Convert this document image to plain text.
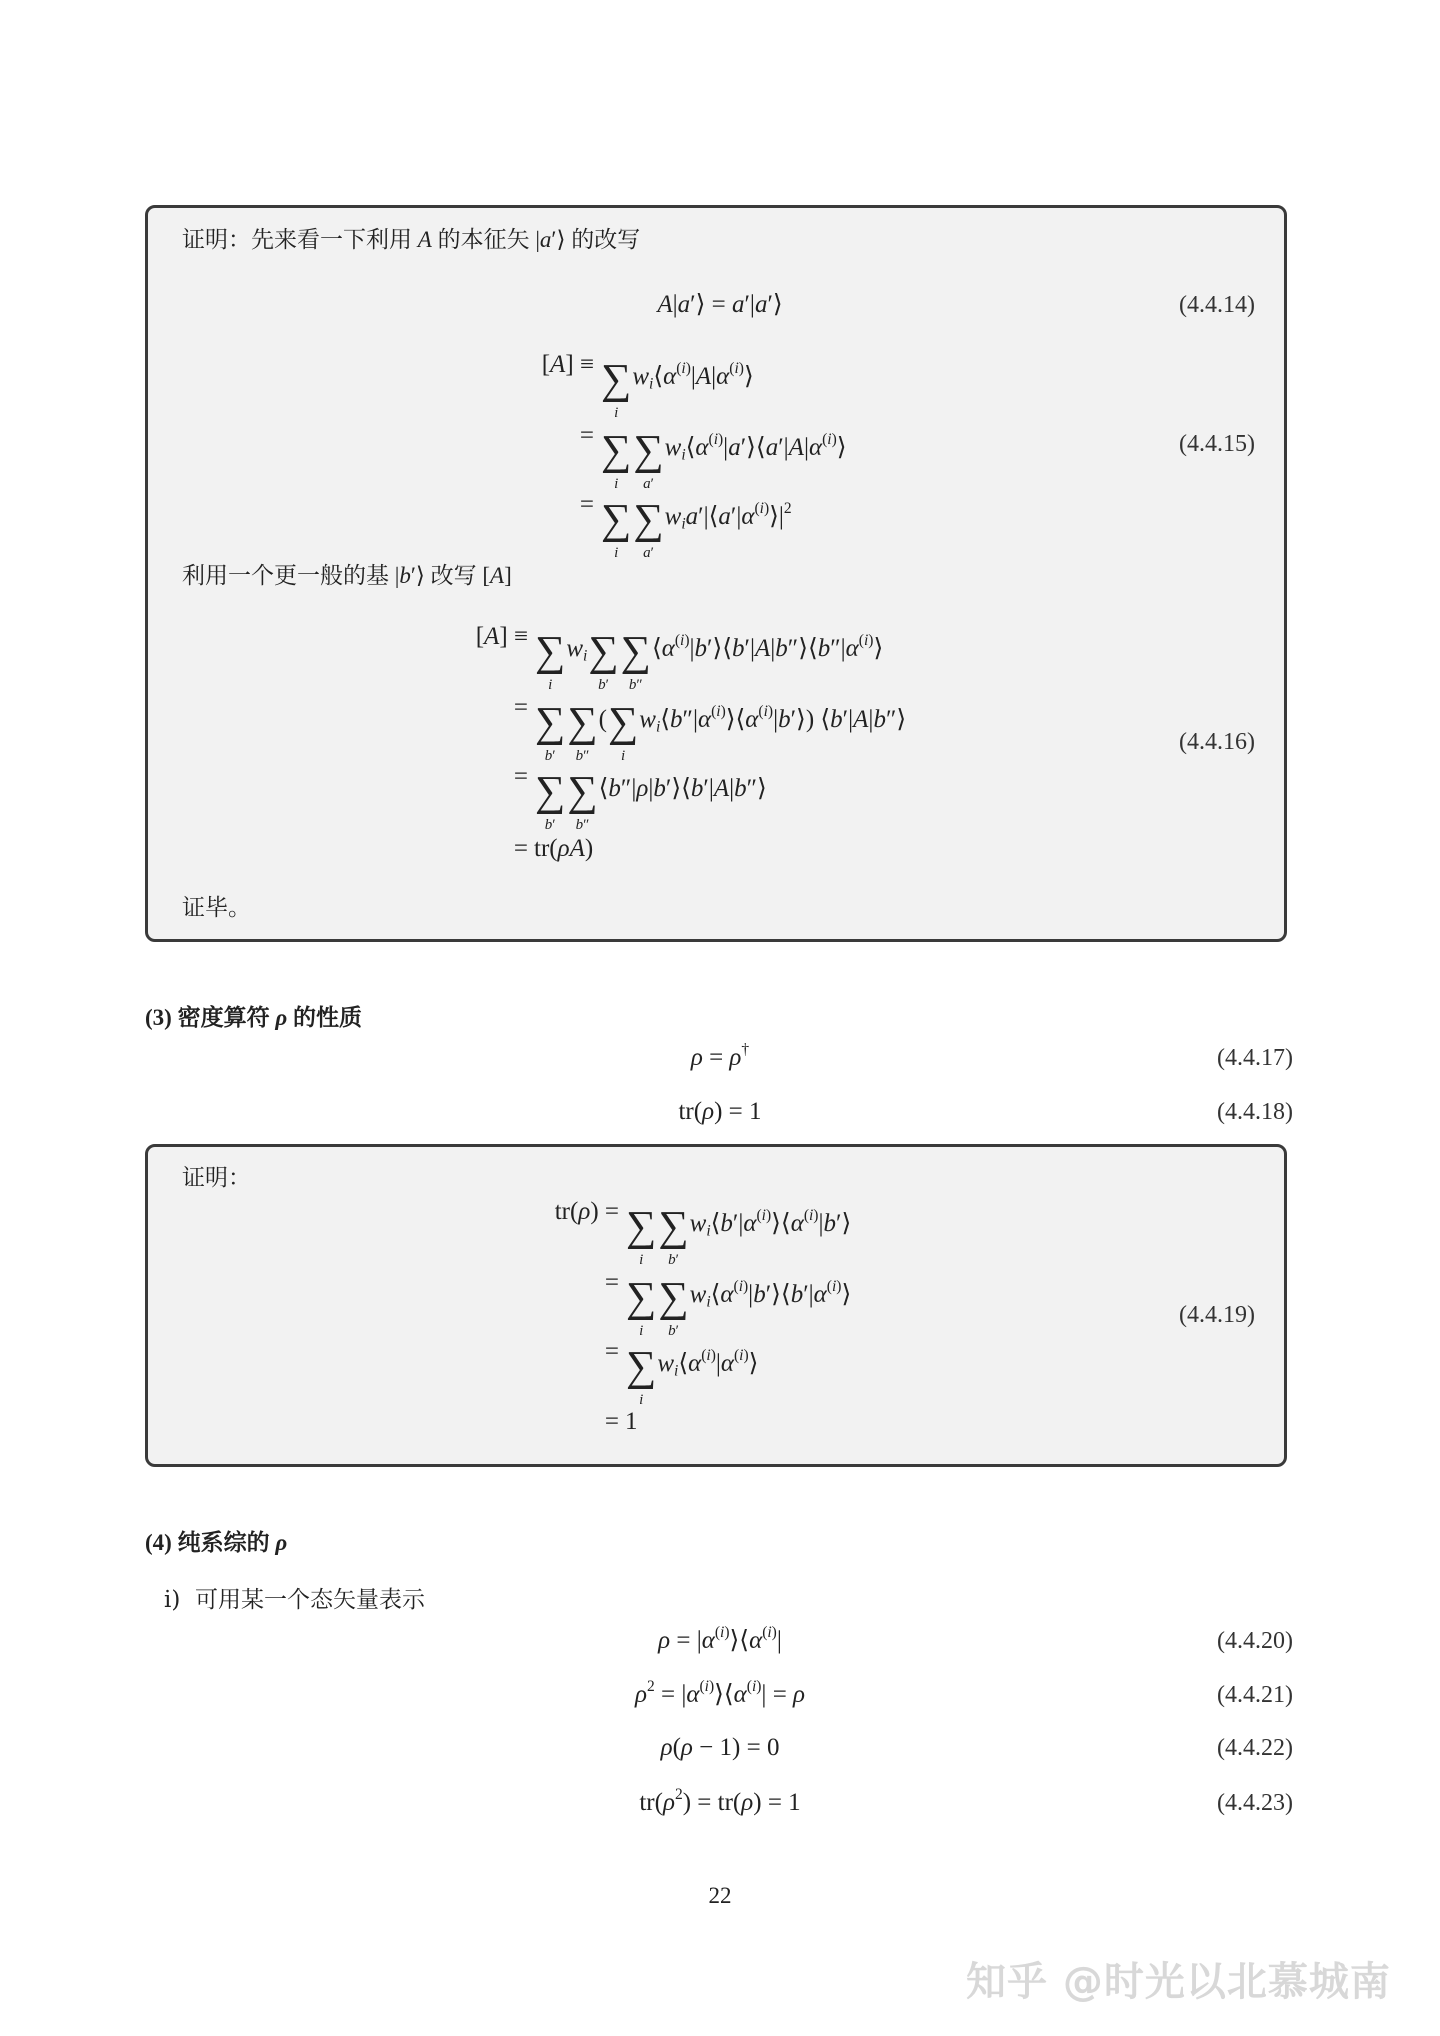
证明：先来看一下利用 A 的本征矢 |a′⟩ 的改写
A|a′⟩ = a′|a′⟩	(4.4.14)
[A] ≡ ∑
i
$w_i⟨\alpha^{(i)}|A|\alpha^{(i)}⟩$
= ∑
i
∑
a′
$w_i⟨\alpha^{(i)}|a'⟩⟨a'|A|\alpha^{(i)}⟩$
= ∑
i
∑
a′
$w_ia'|⟨a'|\alpha^{(i)}⟩|^2$
(4.4.15)
利用一个更一般的基 |b′⟩ 改写 [A]
[A] ≡ ∑
i
$w_i$ ∑
b′
∑
b″
$⟨\alpha^{(i)}|b'⟩⟨b'|A|b''⟩⟨b''|\alpha^{(i)}⟩$
= ∑
b′
∑
b″
( ∑
i
$w_i⟨b''|\alpha^{(i)}⟩⟨\alpha^{(i)}|b'⟩$) ⟨b′|A|b″⟩
= ∑
b′
∑
b″
⟨b″|ρ|b′⟩⟨b′|A|b″⟩
= tr(ρA)
(4.4.16)
证毕。
(3) 密度算符 ρ 的性质
ρ = ρ†	(4.4.17)
tr(ρ) = 1	(4.4.18)
证明：
tr(ρ) = ∑
i
∑
b′
$w_i⟨b'|\alpha^{(i)}⟩⟨\alpha^{(i)}|b'⟩$
= ∑
i
∑
b′
$w_i⟨\alpha^{(i)}|b'⟩⟨b'|\alpha^{(i)}⟩$
= ∑
i
$w_i⟨\alpha^{(i)}|\alpha^{(i)}⟩$
= 1
(4.4.19)
(4) 纯系综的 ρ
i)  可用某一个态矢量表示
$\rho = |\alpha^{(i)}⟩⟨\alpha^{(i)}|$	(4.4.20)
$\rho^2$ = $|\alpha^{(i)}⟩⟨\alpha^{(i)}| = \rho$	(4.4.21)
ρ(ρ − 1) = 0	(4.4.22)
$tr(\rho^2) = tr(\rho) = 1$	(4.4.23)
22
知乎 @时光以北慕城南
